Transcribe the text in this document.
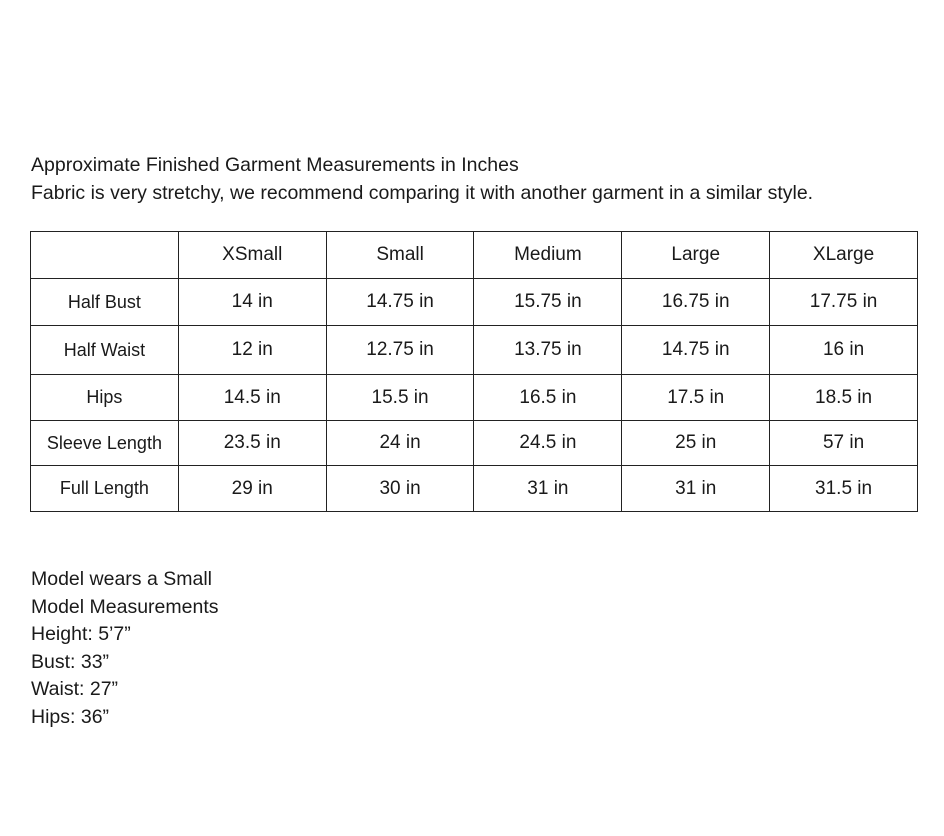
Approximate Finished Garment Measurements in Inches
Fabric is very stretchy, we recommend comparing it with another garment in a similar style.
	XSmall	Small	Medium	Large	XLarge
Half Bust	14 in	14.75 in	15.75 in	16.75 in	17.75 in
Half Waist	12 in	12.75 in	13.75 in	14.75 in	16 in
Hips	14.5 in	15.5 in	16.5 in	17.5 in	18.5 in
Sleeve Length	23.5 in	24 in	24.5 in	25 in	57 in
Full Length	29 in	30 in	31 in	31 in	31.5 in
Model wears a Small
Model Measurements
Height: 5’7”
Bust: 33”
Waist: 27”
Hips: 36”
